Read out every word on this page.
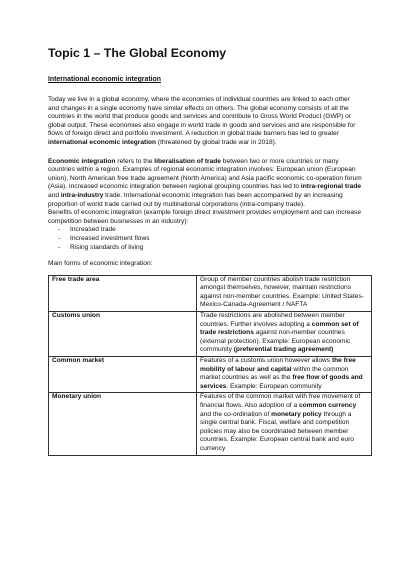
Topic 1 – The Global Economy
International economic integration

Today we live in a global economy, where the economies of individual countries are linked to each other and changes in a single economy have similar effects on others. The global economy consists of all the countries in the world that produce goods and services and contribute to Gross World Product (GWP) or global output. These economies also engage in world trade in goods and services and are responsible for flows of foreign direct and portfolio investment. A reduction in global trade barriers has led to greater international economic integration (threatened by global trade war in 2018).

Economic integration refers to the liberalisation of trade between two or more countries or many countries within a region. Examples of regional economic integration involves: European union (European union), North American free trade agreement (North America) and Asia pacific economic co-operation forum (Asia). Increased economic integration between regional grouping countries has led to intra-regional trade and intra-industry trade. International economic integration has been accompanied by an increasing proportion of world trade carried out by multinational corporations (intra-company trade).

Benefits of economic integration (example foreign direct investment provides employment and can increase competition between businesses in an industry):

- Increased trade
- Increased investment flows
- Rising standards of living

Main forms of economic integration:

Free trade area	Group of member countries abolish trade restriction amongst themselves, however, maintain restrictions against non-member countries. Example: United States-Mexico-Canada-Agreement / NAFTA
Customs union	Trade restrictions are abolished between member countries. Further involves adopting a common set of trade restrictions against non-member countries (external protection). Example: European economic community (preferential trading agreement)
Common market	Features of a customs union however allows the free mobility of labour and capital within the common market countries as well as the free flow of goods and services. Example: European community
Monetary union	Features of the common market with free movement of financial flows. Also adoption of a common currency and the co-ordination of monetary policy through a single central bank. Fiscal, welfare and competition policies may also be coordinated between member countries. Example: European central bank and euro currency
